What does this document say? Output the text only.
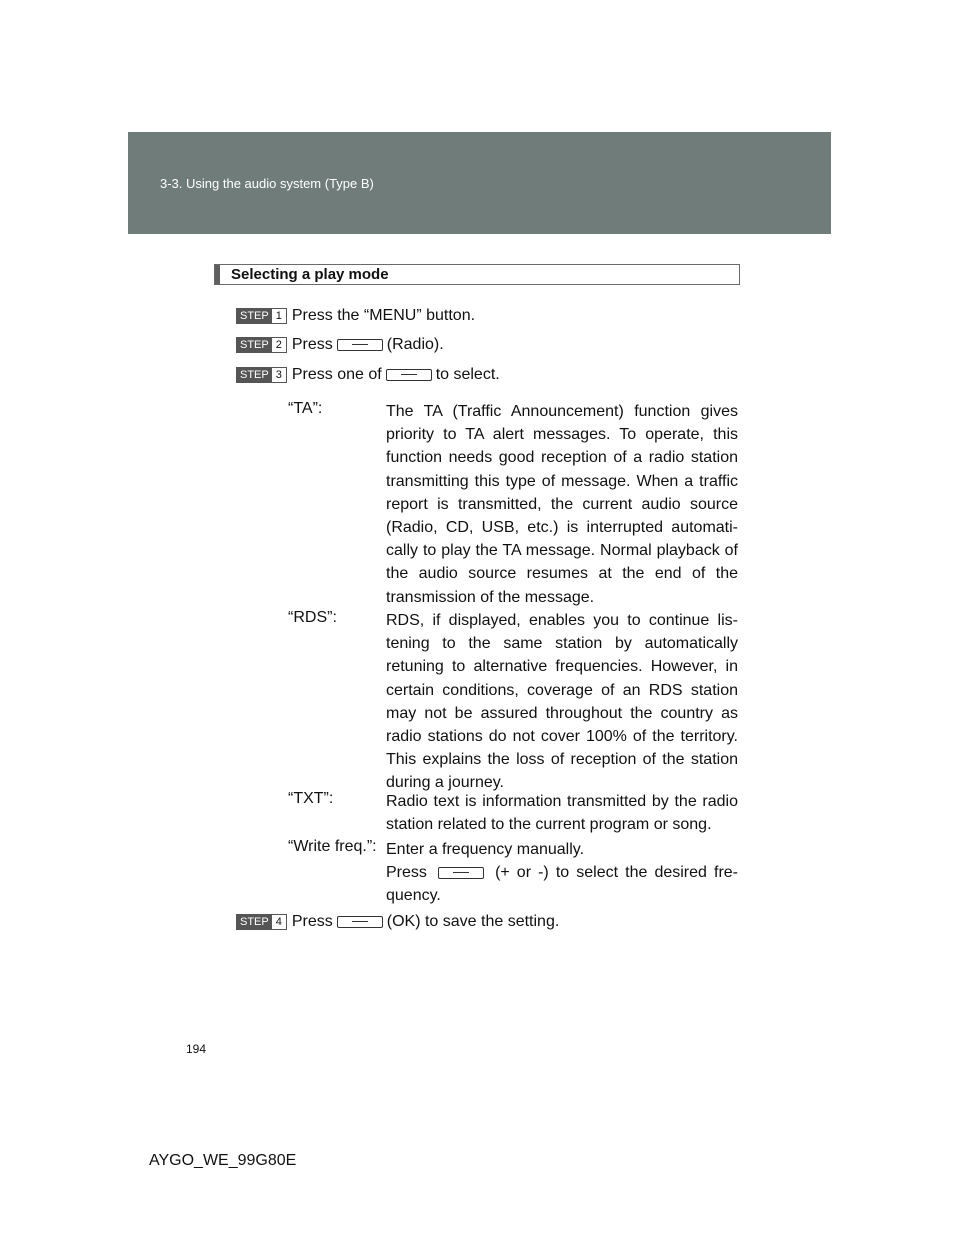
3-3. Using the audio system (Type B)
Selecting a play mode
STEP 1 Press the “MENU” button.
STEP 2 Press	(Radio).
STEP 3 Press one of	to select.
“TA”:	The TA (Traffic Announcement) function gives priority to TA alert messages. To operate, this function needs good reception of a radio station transmitting this type of message. When a traffic report is transmitted, the current audio source (Radio, CD, USB, etc.) is interrupted automati-cally to play the TA message. Normal playback of the audio source resumes at the end of the transmission of the message.
“RDS”:	RDS, if displayed, enables you to continue lis-tening to the same station by automatically retuning to alternative frequencies. However, in certain conditions, coverage of an RDS station may not be assured throughout the country as radio stations do not cover 100% of the territory. This explains the loss of reception of the station during a journey.
“TXT”:	Radio text is information transmitted by the radio station related to the current program or song.
“Write freq.”: Enter a frequency manually.

Press	(+ or -) to select the desired fre-quency.

STEP 4 Press	(OK) to save the setting.
194
AYGO_WE_99G80E
